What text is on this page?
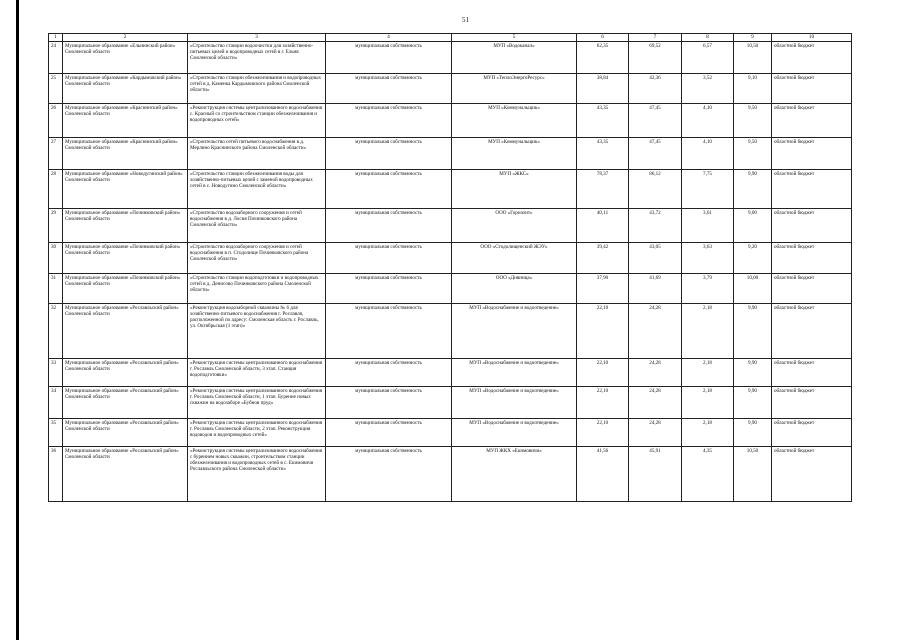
51
1	2	3	4	5	6	7	8	9	10
24	Муниципальное образование «Ельнинский район» Смоленской области	«Строительство станции водоочистки для хозяйственно-питьевых целей и водопроводных сетей в г. Ельня Смоленской области»	муниципальная собственность	МУП «Водоканал»	62,35	69,52	6,57	10,50	областной бюджет
25	Муниципальное образование «Кардымовский район» Смоленской области	«Строительство станции обезжелезивания и водопроводных сетей в д. Каменка Кардымовского района Смоленской области»	муниципальная собственность	МУП «ТеплоЭнергоРесурс»	38,84	42,36	3,52	9,10	областной бюджет
26	Муниципальное образование «Краснинский район» Смоленской области	«Реконструкция системы централизованного водоснабжения с. Красный со строительством станции обезжелезивания и водопроводных сетей»	муниципальная собственность	МУП «Коммунальщик»	43,35	47,45	4,10	9,50	областной бюджет
27	Муниципальное образование «Краснинский район» Смоленской области	«Строительство сетей питьевого водоснабжения в д. Мерлино Краснинского района Смоленской области»	муниципальная собственность	МУП «Коммунальщик»	43,35	47,45	4,10	9,50	областной бюджет
28	Муниципальное образование «Новодугинский район» Смоленской области	«Строительство станции обезжелезивания воды для хозяйственно-питьевых целей с заменой водопроводных сетей в с. Новодугино Смоленской области»	муниципальная собственность	МУП «ЖКС»	78,37	86,12	7,75	9,90	областной бюджет
29	Муниципальное образование «Починковский район» Смоленской области	«Строительство водозаборного сооружения и сетей водоснабжения в д. Лосня Починковского района Смоленской области»	муниципальная собственность	ООО «Горизонт»	40,11	43,72	3,61	9,00	областной бюджет
30	Муниципальное образование «Починковский район» Смоленской области	«Строительство водозаборного сооружения и сетей водоснабжения в п. Стодолище Починковского района Смоленской области»	муниципальная собственность	ООО «Стодолищенский ЖЭУ»	39,42	43,05	3,63	9,20	областной бюджет
31	Муниципальное образование «Починковский район» Смоленской области	«Строительство станции водоподготовки и водопроводных сетей в д. Денисово Починковского района Смоленской области»	муниципальная собственность	ООО «Дивница»	37,90	41,69	3,79	10,00	областной бюджет
32	Муниципальное образование «Рославльский район» Смоленской области	«Реконструкция водозаборной скважины № 6 для хозяйственно-питьевого водоснабжения г. Рославля, расположенной по адресу: Смоленская область г. Рославль, ул. Октябрьская (1 этап)»	муниципальная собственность	МУП «Водоснабжение и водоотведение»	22,10	24,28	2,18	9,90	областной бюджет
33	Муниципальное образование «Рославльский район» Смоленской области	«Реконструкция системы централизованного водоснабжения г. Рославль Смоленской области, 3 этап. Станция водоподготовки»	муниципальная собственность	МУП «Водоснабжение и водоотведение»	22,10	24,28	2,18	9,90	областной бюджет
34	Муниципальное образование «Рославльский район» Смоленской области	«Реконструкция системы централизованного водоснабжения г. Рославль Смоленской области, 1 этап. Бурение новых скважин на водозаборе «Бубнов пруд»	муниципальная собственность	МУП «Водоснабжение и водоотведение»	22,10	24,28	2,18	9,90	областной бюджет
35	Муниципальное образование «Рославльский район» Смоленской области	«Реконструкция системы централизованного водоснабжения г. Рославль Смоленской области, 2 этап. Реконструкция водоводов и водопроводных сетей»	муниципальная собственность	МУП «Водоснабжение и водоотведение»	22,10	24,28	2,18	9,90	областной бюджет
36	Муниципальное образование «Рославльский район» Смоленской области	«Реконструкция системы централизованного водоснабжения с бурением новых скважин, строительством станции обезжелезивания и водопроводных сетей в с. Екимовичи Рославльского района Смоленской области»	муниципальная собственность	МУП ЖКХ «Екимовичи»	41,56	45,91	4,35	10,50	областной бюджет
